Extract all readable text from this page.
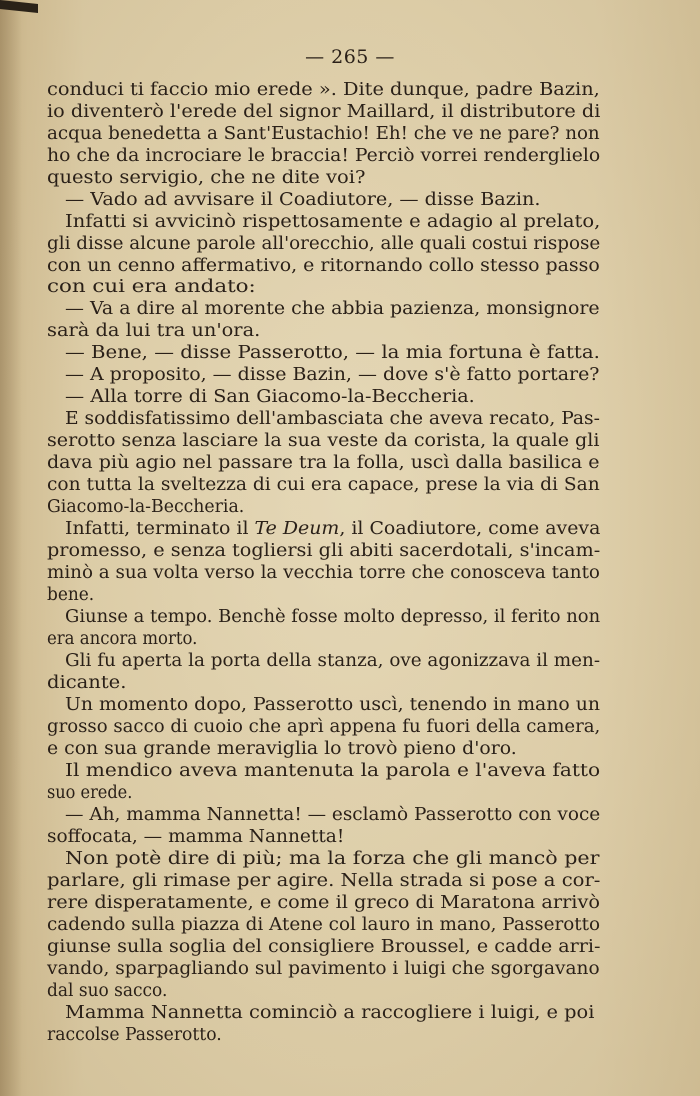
— 265 —
conduci ti faccio mio erede ». Dite dunque, padre Bazin,
io diventerò l'erede del signor Maillard, il distributore di
acqua benedetta a Sant'Eustachio! Eh! che ve ne pare? non
ho che da incrociare le braccia! Perciò vorrei renderglielo
questo servigio, che ne dite voi?
— Vado ad avvisare il Coadiutore, — disse Bazin.
Infatti si avvicinò rispettosamente e adagio al prelato,
gli disse alcune parole all'orecchio, alle quali costui rispose
con un cenno affermativo, e ritornando collo stesso passo
con cui era andato:
— Va a dire al morente che abbia pazienza, monsignore
sarà da lui tra un'ora.
— Bene, — disse Passerotto, — la mia fortuna è fatta.
— A proposito, — disse Bazin, — dove s'è fatto portare?
— Alla torre di San Giacomo-la-Beccheria.
E soddisfatissimo dell'ambasciata che aveva recato, Pas-
serotto senza lasciare la sua veste da corista, la quale gli
dava più agio nel passare tra la folla, uscì dalla basilica e
con tutta la sveltezza di cui era capace, prese la via di San
Giacomo-la-Beccheria.
Infatti, terminato il Te Deum, il Coadiutore, come aveva
promesso, e senza togliersi gli abiti sacerdotali, s'incam-
minò a sua volta verso la vecchia torre che conosceva tanto
bene.
Giunse a tempo. Benchè fosse molto depresso, il ferito non
era ancora morto.
Gli fu aperta la porta della stanza, ove agonizzava il men-
dicante.
Un momento dopo, Passerotto uscì, tenendo in mano un
grosso sacco di cuoio che aprì appena fu fuori della camera,
e con sua grande meraviglia lo trovò pieno d'oro.
Il mendico aveva mantenuta la parola e l'aveva fatto
suo erede.
— Ah, mamma Nannetta! — esclamò Passerotto con voce
soffocata, — mamma Nannetta!
Non potè dire di più; ma la forza che gli mancò per
parlare, gli rimase per agire. Nella strada si pose a cor-
rere disperatamente, e come il greco di Maratona arrivò
cadendo sulla piazza di Atene col lauro in mano, Passerotto
giunse sulla soglia del consigliere Broussel, e cadde arri-
vando, sparpagliando sul pavimento i luigi che sgorgavano
dal suo sacco.
Mamma Nannetta cominciò a raccogliere i luigi, e poi
raccolse Passerotto.
